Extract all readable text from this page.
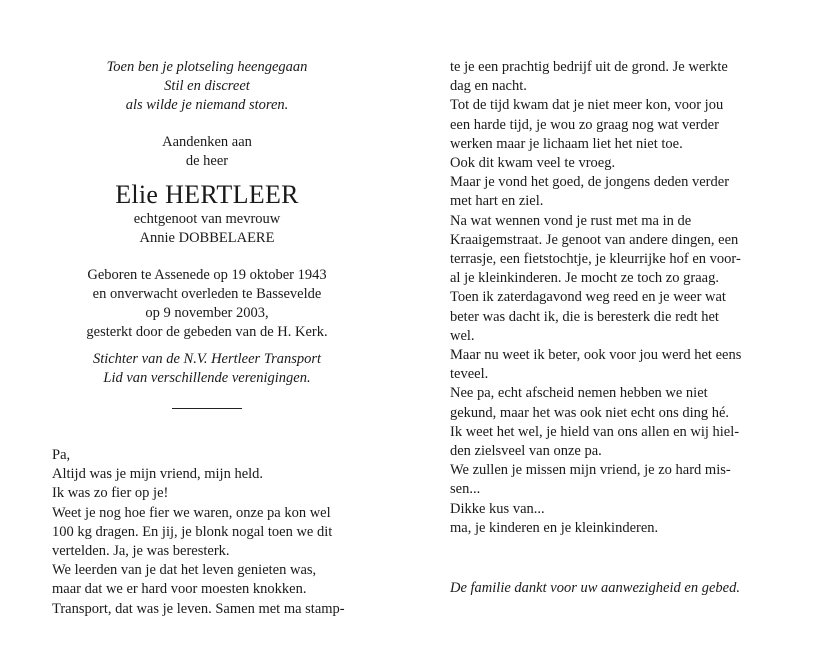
Toen ben je plotseling heengegaan
Stil en discreet
als wilde je niemand storen.
Aandenken aan
de heer
Elie HERTLEER
echtgenoot van mevrouw
Annie DOBBELAERE
Geboren te Assenede op 19 oktober 1943
en onverwacht overleden te Bassevelde
op 9 november 2003,
gesterkt door de gebeden van de H. Kerk.
Stichter van de N.V. Hertleer Transport
Lid van verschillende verenigingen.
Pa,
Altijd was je mijn vriend, mijn held.
Ik was zo fier op je!
Weet je nog hoe fier we waren, onze pa kon wel
100 kg dragen. En jij, je blonk nogal toen we dit
vertelden. Ja, je was beresterk.
We leerden van je dat het leven genieten was,
maar dat we er hard voor moesten knokken.
Transport, dat was je leven. Samen met ma stamp-
te je een prachtig bedrijf uit de grond. Je werkte
dag en nacht.
Tot de tijd kwam dat je niet meer kon, voor jou
een harde tijd, je wou zo graag nog wat verder
werken maar je lichaam liet het niet toe.
Ook dit kwam veel te vroeg.
Maar je vond het goed, de jongens deden verder
met hart en ziel.
Na wat wennen vond je rust met ma in de
Kraaigemstraat. Je genoot van andere dingen, een
terrasje, een fietstochtje, je kleurrijke hof en voor-
al je kleinkinderen. Je mocht ze toch zo graag.
Toen ik zaterdagavond weg reed en je weer wat
beter was dacht ik, die is beresterk die redt het
wel.
Maar nu weet ik beter, ook voor jou werd het eens
teveel.
Nee pa, echt afscheid nemen hebben we niet
gekund, maar het was ook niet echt ons ding hé.
Ik weet het wel, je hield van ons allen en wij hiel-
den zielsveel van onze pa.
We zullen je missen mijn vriend, je zo hard mis-
sen...
Dikke kus van...
ma, je kinderen en je kleinkinderen.
De familie dankt voor uw aanwezigheid en gebed.
